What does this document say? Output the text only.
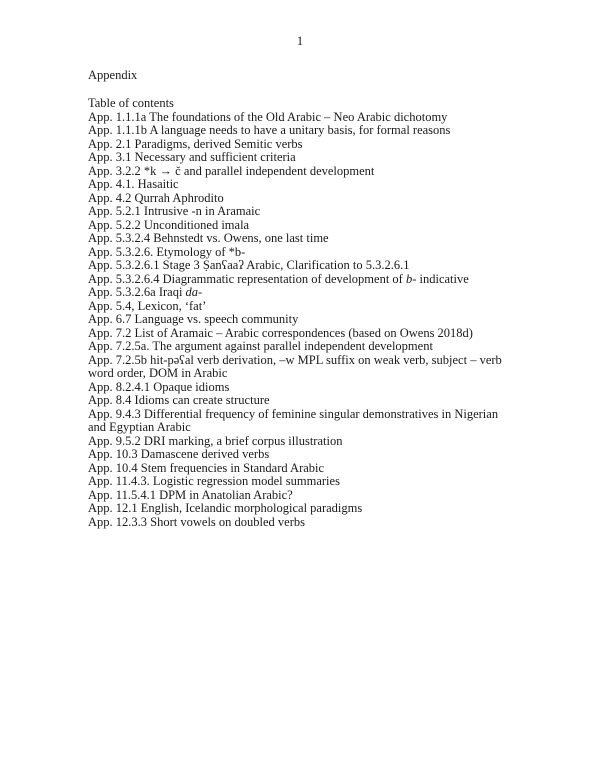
1
Appendix
Table of contents
App. 1.1.1a The foundations of the Old Arabic – Neo Arabic dichotomy
App. 1.1.1b A language needs to have a unitary basis, for formal reasons
App. 2.1 Paradigms, derived Semitic verbs
App. 3.1 Necessary and sufficient criteria
App. 3.2.2 *k → č and parallel independent development
App. 4.1. Hasaitic
App. 4.2 Qurrah Aphrodito
App. 5.2.1 Intrusive -n in Aramaic
App. 5.2.2 Unconditioned imala
App. 5.3.2.4 Behnstedt vs. Owens, one last time
App. 5.3.2.6. Etymology of *b-
App. 5.3.2.6.1 Stage 3 Ṣanʕaaʔ Arabic, Clarification to 5.3.2.6.1
App. 5.3.2.6.4 Diagrammatic representation of development of b- indicative
App. 5.3.2.6a Iraqi da-
App. 5.4, Lexicon, ‘fat’
App. 6.7 Language vs. speech community
App. 7.2 List of Aramaic – Arabic correspondences (based on Owens 2018d)
App. 7.2.5a. The argument against parallel independent development
App. 7.2.5b hit-pəʕal verb derivation, –w MPL suffix on weak verb, subject – verb word order, DOM in Arabic
App. 8.2.4.1 Opaque idioms
App. 8.4 Idioms can create structure
App. 9.4.3 Differential frequency of feminine singular demonstratives in Nigerian and Egyptian Arabic
App. 9.5.2 DRI marking, a brief corpus illustration
App. 10.3 Damascene derived verbs
App. 10.4 Stem frequencies in Standard Arabic
App. 11.4.3. Logistic regression model summaries
App. 11.5.4.1 DPM in Anatolian Arabic?
App. 12.1 English, Icelandic morphological paradigms
App. 12.3.3 Short vowels on doubled verbs
